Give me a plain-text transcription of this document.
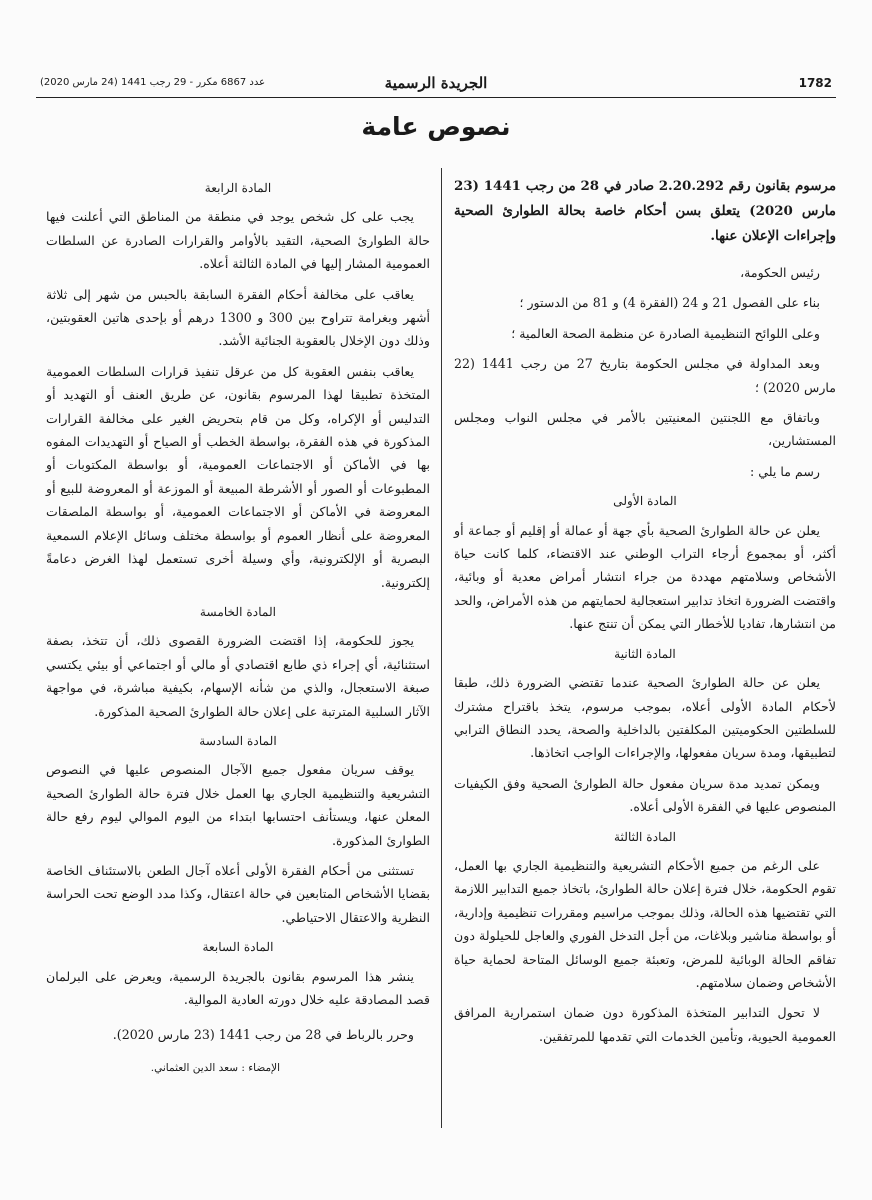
1782
الجريدة الرسمية
عدد 6867 مكرر - 29 رجب 1441 (24 مارس 2020)
نصوص عامة

مرسوم بقانون رقم 2.20.292 صادر في 28 من رجب 1441 (23 مارس 2020) يتعلق بسن أحكام خاصة بحالة الطوارئ الصحية وإجراءات الإعلان عنها.

رئيس الحكومة،

بناء على الفصول 21 و 24 (الفقرة 4) و 81 من الدستور ؛

وعلى اللوائح التنظيمية الصادرة عن منظمة الصحة العالمية ؛

وبعد المداولة في مجلس الحكومة بتاريخ 27 من رجب 1441 (22 مارس 2020) ؛

وباتفاق مع اللجنتين المعنيتين بالأمر في مجلس النواب ومجلس المستشارين،

رسم ما يلي :

المادة الأولى

يعلن عن حالة الطوارئ الصحية بأي جهة أو عمالة أو إقليم أو جماعة أو أكثر، أو بمجموع أرجاء التراب الوطني عند الاقتضاء، كلما كانت حياة الأشخاص وسلامتهم مهددة من جراء انتشار أمراض معدية أو وبائية، واقتضت الضرورة اتخاذ تدابير استعجالية لحمايتهم من هذه الأمراض، والحد من انتشارها، تفاديا للأخطار التي يمكن أن تنتج عنها.

المادة الثانية

يعلن عن حالة الطوارئ الصحية عندما تقتضي الضرورة ذلك، طبقا لأحكام المادة الأولى أعلاه، بموجب مرسوم، يتخذ باقتراح مشترك للسلطتين الحكوميتين المكلفتين بالداخلية والصحة، يحدد النطاق الترابي لتطبيقها، ومدة سريان مفعولها، والإجراءات الواجب اتخاذها.

ويمكن تمديد مدة سريان مفعول حالة الطوارئ الصحية وفق الكيفيات المنصوص عليها في الفقرة الأولى أعلاه.

المادة الثالثة

على الرغم من جميع الأحكام التشريعية والتنظيمية الجاري بها العمل، تقوم الحكومة، خلال فترة إعلان حالة الطوارئ، باتخاذ جميع التدابير اللازمة التي تقتضيها هذه الحالة، وذلك بموجب مراسيم ومقررات تنظيمية وإدارية، أو بواسطة مناشير وبلاغات، من أجل التدخل الفوري والعاجل للحيلولة دون تفاقم الحالة الوبائية للمرض، وتعبئة جميع الوسائل المتاحة لحماية حياة الأشخاص وضمان سلامتهم.

لا تحول التدابير المتخذة المذكورة دون ضمان استمرارية المرافق العمومية الحيوية، وتأمين الخدمات التي تقدمها للمرتفقين.

المادة الرابعة

يجب على كل شخص يوجد في منطقة من المناطق التي أعلنت فيها حالة الطوارئ الصحية، التقيد بالأوامر والقرارات الصادرة عن السلطات العمومية المشار إليها في المادة الثالثة أعلاه.

يعاقب على مخالفة أحكام الفقرة السابقة بالحبس من شهر إلى ثلاثة أشهر وبغرامة تتراوح بين 300 و 1300 درهم أو بإحدى هاتين العقوبتين، وذلك دون الإخلال بالعقوبة الجنائية الأشد.

يعاقب بنفس العقوبة كل من عرقل تنفيذ قرارات السلطات العمومية المتخذة تطبيقا لهذا المرسوم بقانون، عن طريق العنف أو التهديد أو التدليس أو الإكراه، وكل من قام بتحريض الغير على مخالفة القرارات المذكورة في هذه الفقرة، بواسطة الخطب أو الصياح أو التهديدات المفوه بها في الأماكن أو الاجتماعات العمومية، أو بواسطة المكتوبات أو المطبوعات أو الصور أو الأشرطة المبيعة أو الموزعة أو المعروضة للبيع أو المعروضة في الأماكن أو الاجتماعات العمومية، أو بواسطة الملصقات المعروضة على أنظار العموم أو بواسطة مختلف وسائل الإعلام السمعية البصرية أو الإلكترونية، وأي وسيلة أخرى تستعمل لهذا الغرض دعامةً إلكترونية.

المادة الخامسة

يجوز للحكومة، إذا اقتضت الضرورة القصوى ذلك، أن تتخذ، بصفة استثنائية، أي إجراء ذي طابع اقتصادي أو مالي أو اجتماعي أو بيئي يكتسي صبغة الاستعجال، والذي من شأنه الإسهام، بكيفية مباشرة، في مواجهة الآثار السلبية المترتبة على إعلان حالة الطوارئ الصحية المذكورة.

المادة السادسة

يوقف سريان مفعول جميع الآجال المنصوص عليها في النصوص التشريعية والتنظيمية الجاري بها العمل خلال فترة حالة الطوارئ الصحية المعلن عنها، ويستأنف احتسابها ابتداء من اليوم الموالي ليوم رفع حالة الطوارئ المذكورة.

تستثنى من أحكام الفقرة الأولى أعلاه آجال الطعن بالاستئناف الخاصة بقضايا الأشخاص المتابعين في حالة اعتقال، وكذا مدد الوضع تحت الحراسة النظرية والاعتقال الاحتياطي.

المادة السابعة

ينشر هذا المرسوم بقانون بالجريدة الرسمية، ويعرض على البرلمان قصد المصادقة عليه خلال دورته العادية الموالية.

وحرر بالرباط في 28 من رجب 1441 (23 مارس 2020).

الإمضاء : سعد الدين العثماني.
